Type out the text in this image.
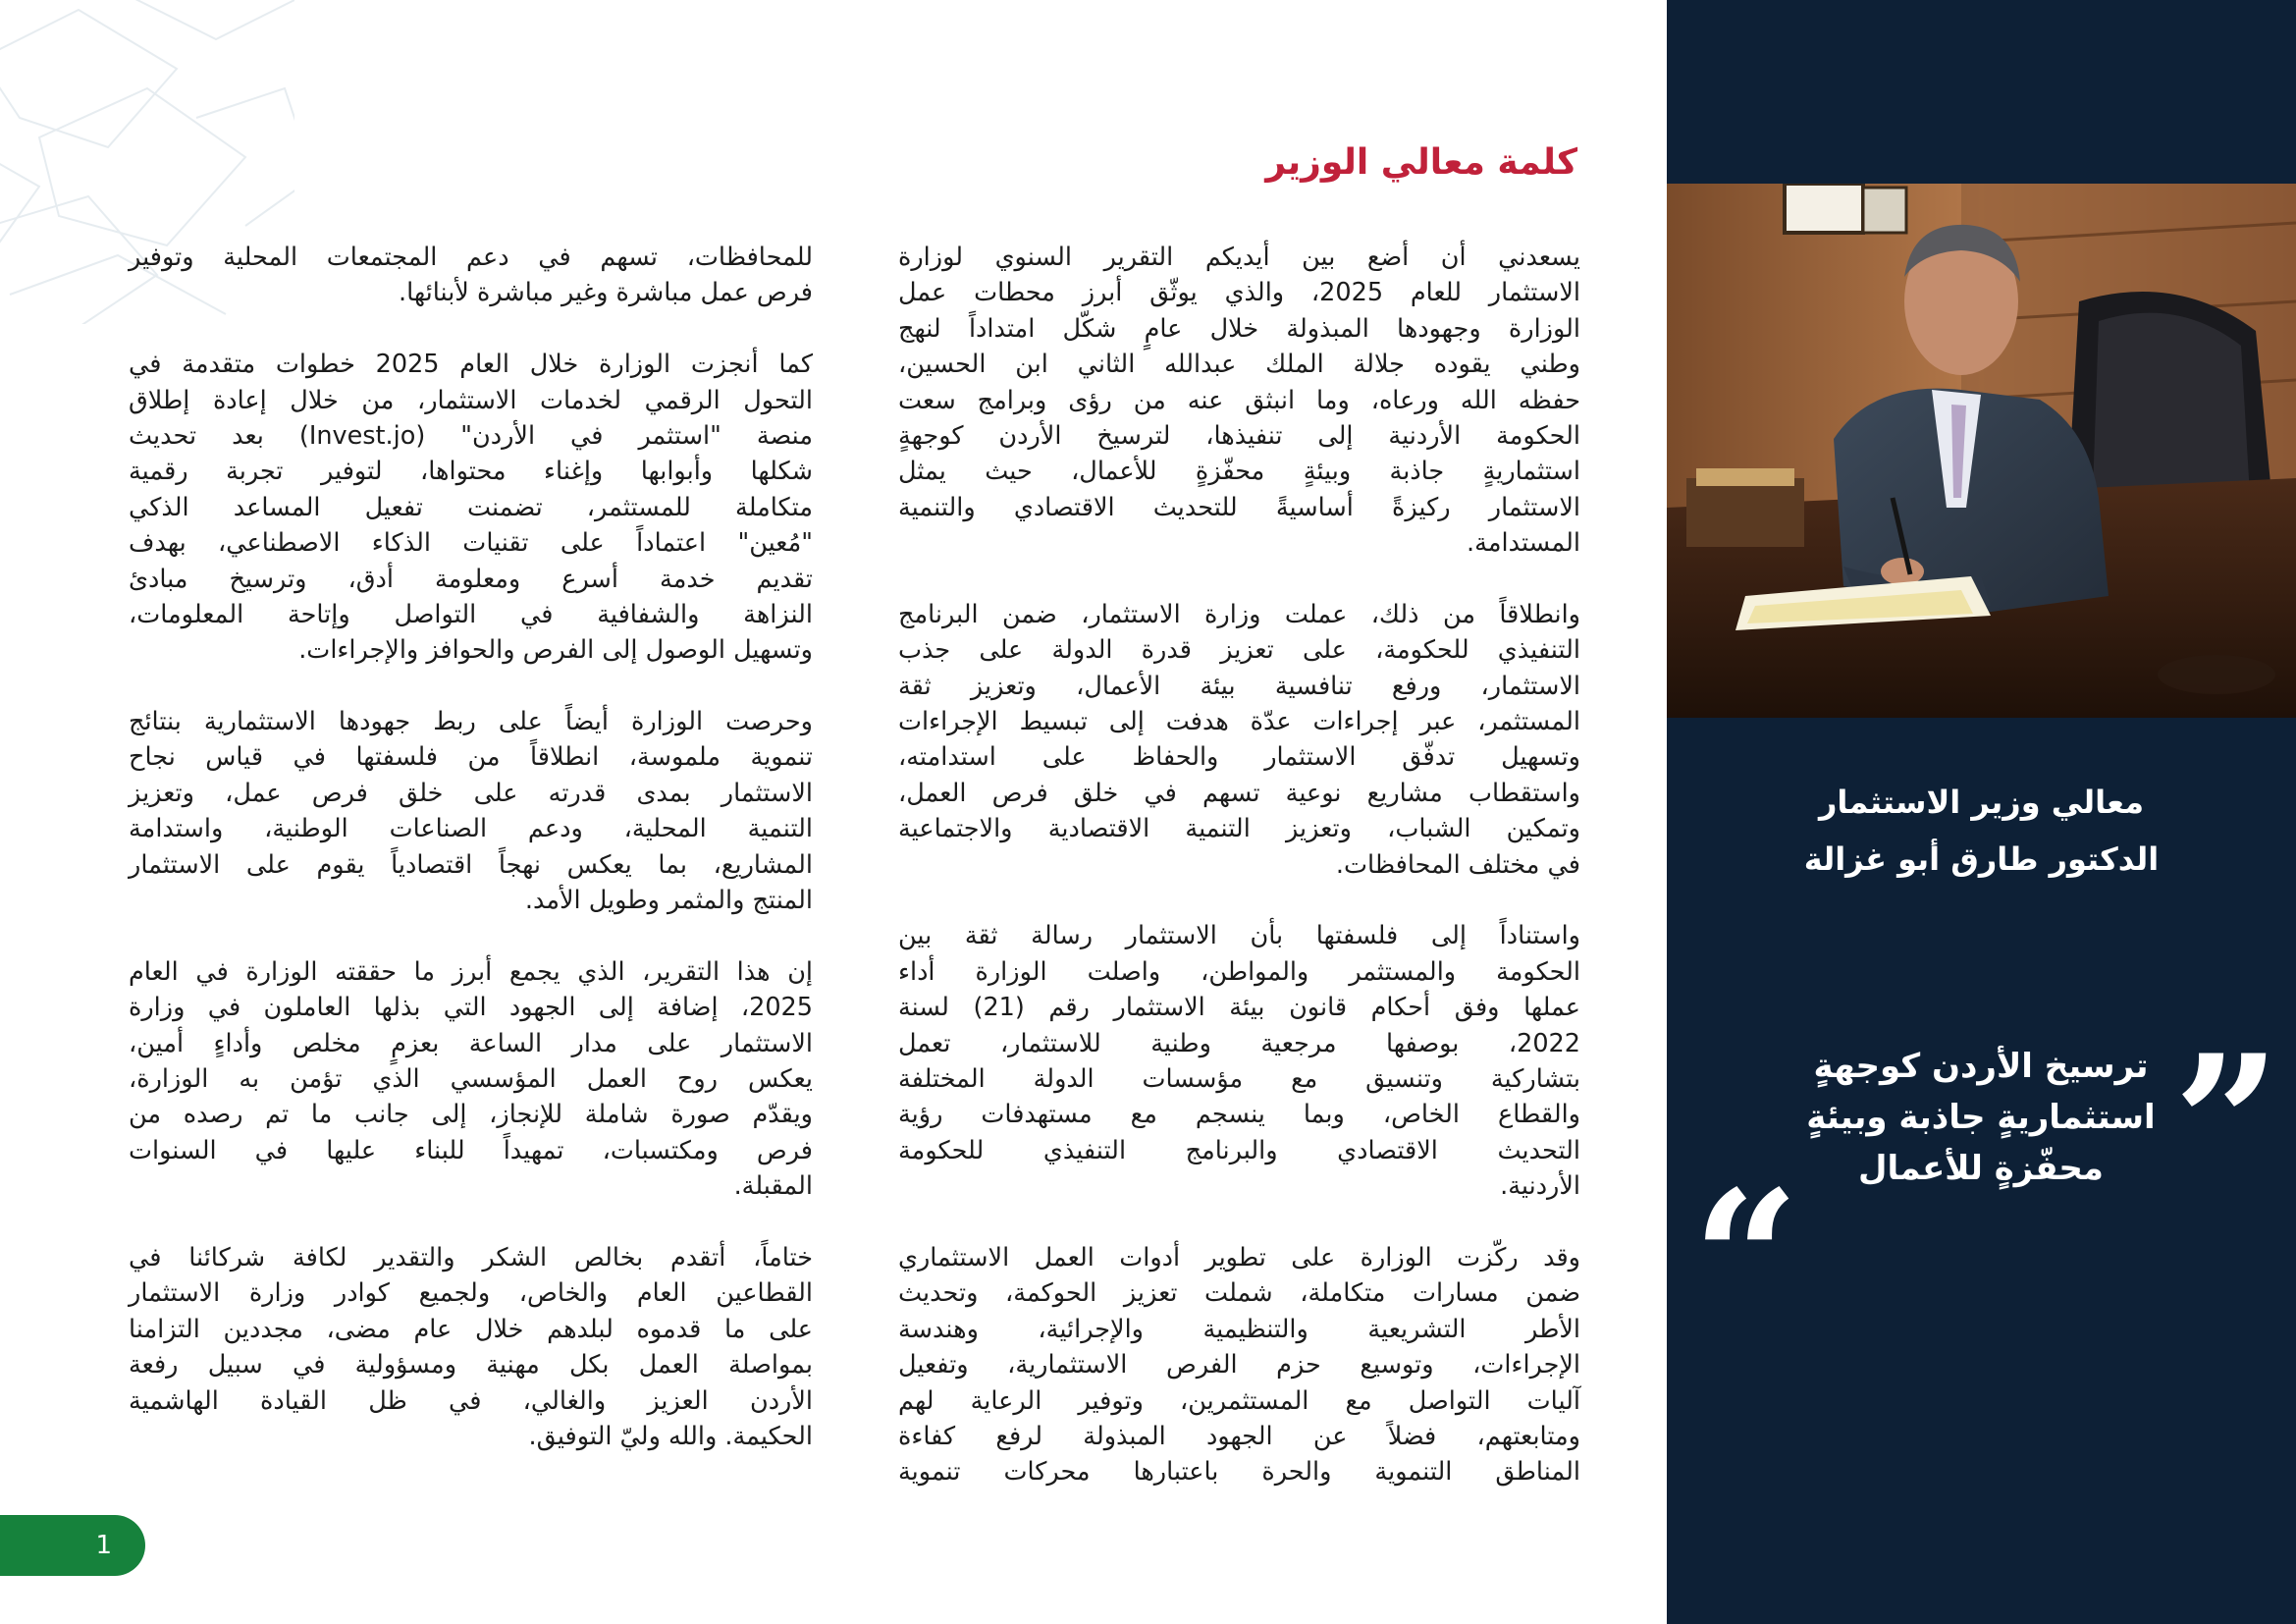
معالي وزير الاستثمار
الدكتور طارق أبو غزالة
”
ترسيخ الأردن كوجهةٍ
استثماريةٍ جاذبة وبيئةٍ
محفّزةٍ للأعمال
“
كلمة معالي الوزير
يسعدني أن أضع بين أيديكم التقرير السنوي لوزارة
الاستثمار للعام 2025، والذي يوثّق أبرز محطات عمل
الوزارة وجهودها المبذولة خلال عامٍ شكّل امتداداً لنهج
وطني يقوده جلالة الملك عبدالله الثاني ابن الحسين،
حفظه الله ورعاه، وما انبثق عنه من رؤى وبرامج سعت
الحكومة الأردنية إلى تنفيذها، لترسيخ الأردن كوجهةٍ
استثماريةٍ جاذبة وبيئةٍ محفّزةٍ للأعمال، حيث يمثل
الاستثمار ركيزةً أساسيةً للتحديث الاقتصادي والتنمية
المستدامة.
وانطلاقاً من ذلك، عملت وزارة الاستثمار، ضمن البرنامج
التنفيذي للحكومة، على تعزيز قدرة الدولة على جذب
الاستثمار، ورفع تنافسية بيئة الأعمال، وتعزيز ثقة
المستثمر، عبر إجراءات عدّة هدفت إلى تبسيط الإجراءات
وتسهيل تدفّق الاستثمار والحفاظ على استدامته،
واستقطاب مشاريع نوعية تسهم في خلق فرص العمل،
وتمكين الشباب، وتعزيز التنمية الاقتصادية والاجتماعية
في مختلف المحافظات.
واستناداً إلى فلسفتها بأن الاستثمار رسالة ثقة بين
الحكومة والمستثمر والمواطن، واصلت الوزارة أداء
عملها وفق أحكام قانون بيئة الاستثمار رقم (21) لسنة
2022، بوصفها مرجعية وطنية للاستثمار، تعمل
بتشاركية وتنسيق مع مؤسسات الدولة المختلفة
والقطاع الخاص، وبما ينسجم مع مستهدفات رؤية
التحديث الاقتصادي والبرنامج التنفيذي للحكومة
الأردنية.
وقد ركّزت الوزارة على تطوير أدوات العمل الاستثماري
ضمن مسارات متكاملة، شملت تعزيز الحوكمة، وتحديث
الأطر التشريعية والتنظيمية والإجرائية، وهندسة
الإجراءات، وتوسيع حزم الفرص الاستثمارية، وتفعيل
آليات التواصل مع المستثمرين، وتوفير الرعاية لهم
ومتابعتهم، فضلاً عن الجهود المبذولة لرفع كفاءة
المناطق التنموية والحرة باعتبارها محركات تنموية
للمحافظات، تسهم في دعم المجتمعات المحلية وتوفير
فرص عمل مباشرة وغير مباشرة لأبنائها.
كما أنجزت الوزارة خلال العام 2025 خطوات متقدمة في
التحول الرقمي لخدمات الاستثمار، من خلال إعادة إطلاق
منصة "استثمر في الأردن" (Invest.jo) بعد تحديث
شكلها وأبوابها وإغناء محتواها، لتوفير تجربة رقمية
متكاملة للمستثمر، تضمنت تفعيل المساعد الذكي
"مُعين" اعتماداً على تقنيات الذكاء الاصطناعي، بهدف
تقديم خدمة أسرع ومعلومة أدق، وترسيخ مبادئ
النزاهة والشفافية في التواصل وإتاحة المعلومات،
وتسهيل الوصول إلى الفرص والحوافز والإجراءات.
وحرصت الوزارة أيضاً على ربط جهودها الاستثمارية بنتائج
تنموية ملموسة، انطلاقاً من فلسفتها في قياس نجاح
الاستثمار بمدى قدرته على خلق فرص عمل، وتعزيز
التنمية المحلية، ودعم الصناعات الوطنية، واستدامة
المشاريع، بما يعكس نهجاً اقتصادياً يقوم على الاستثمار
المنتج والمثمر وطويل الأمد.
إن هذا التقرير، الذي يجمع أبرز ما حققته الوزارة في العام
2025، إضافة إلى الجهود التي بذلها العاملون في وزارة
الاستثمار على مدار الساعة بعزمٍ مخلص وأداءٍ أمين،
يعكس روح العمل المؤسسي الذي تؤمن به الوزارة،
ويقدّم صورة شاملة للإنجاز، إلى جانب ما تم رصده من
فرص ومكتسبات، تمهيداً للبناء عليها في السنوات
المقبلة.
ختاماً، أتقدم بخالص الشكر والتقدير لكافة شركائنا في
القطاعين العام والخاص، ولجميع كوادر وزارة الاستثمار
على ما قدموه لبلدهم خلال عام مضى، مجددين التزامنا
بمواصلة العمل بكل مهنية ومسؤولية في سبيل رفعة
الأردن العزيز والغالي، في ظل القيادة الهاشمية
الحكيمة. والله وليّ التوفيق.
1
